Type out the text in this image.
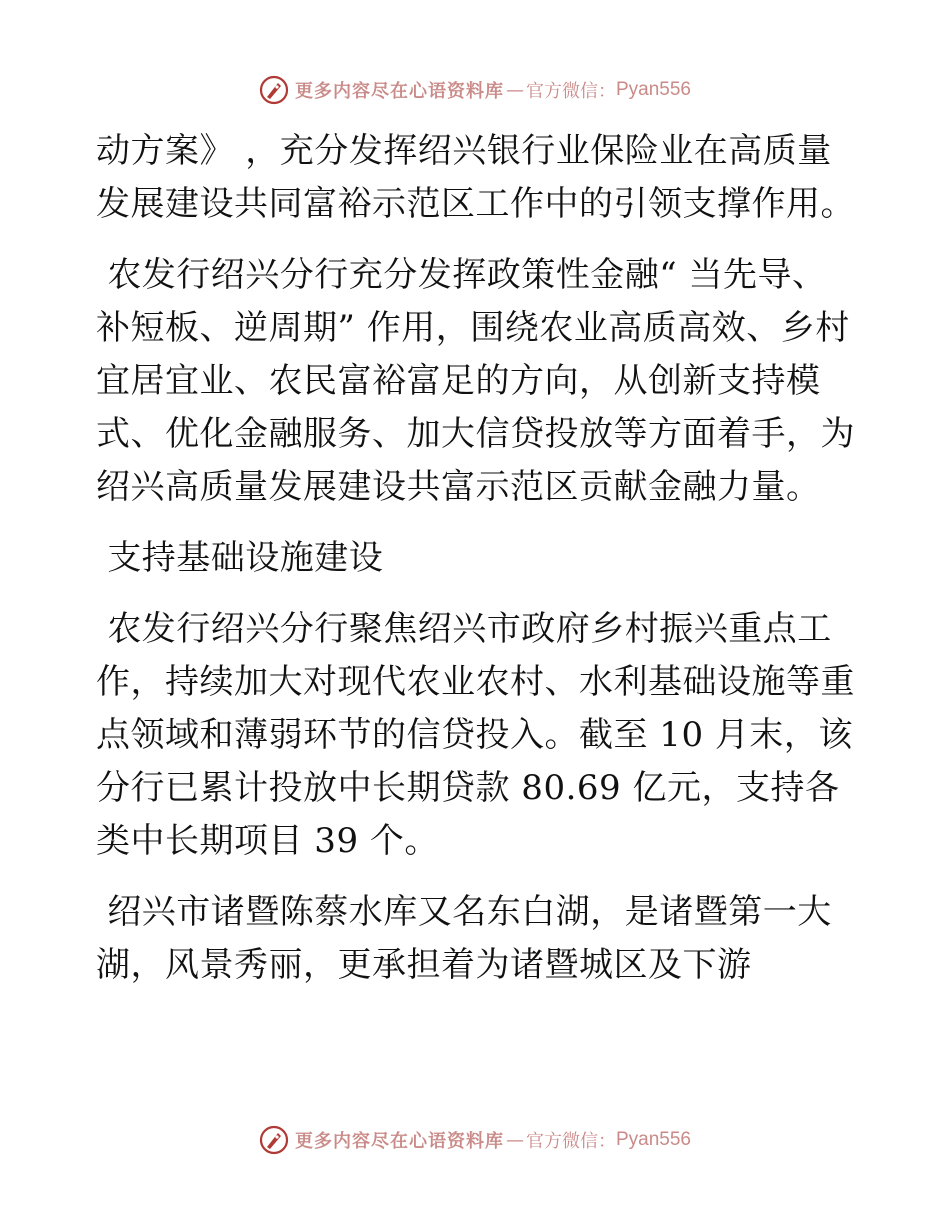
更多内容尽在心语资料库 — 官方微信： Pyan556

动方案》 ，充分发挥绍兴银行业保险业在高质量发展建设共同富裕示范区工作中的引领支撑作用。

农发行绍兴分行充分发挥政策性金融“ 当先导、补短板、逆周期” 作用，围绕农业高质高效、乡村宜居宜业、农民富裕富足的方向，从创新支持模式、优化金融服务、加大信贷投放等方面着手，为绍兴高质量发展建设共富示范区贡献金融力量。

支持基础设施建设

农发行绍兴分行聚焦绍兴市政府乡村振兴重点工作，持续加大对现代农业农村、水利基础设施等重点领域和薄弱环节的信贷投入。截至 10 月末，该分行已累计投放中长期贷款 80.69 亿元，支持各类中长期项目 39 个。

绍兴市诸暨陈蔡水库又名东白湖，是诸暨第一大湖，风景秀丽，更承担着为诸暨城区及下游

更多内容尽在心语资料库 — 官方微信： Pyan556
